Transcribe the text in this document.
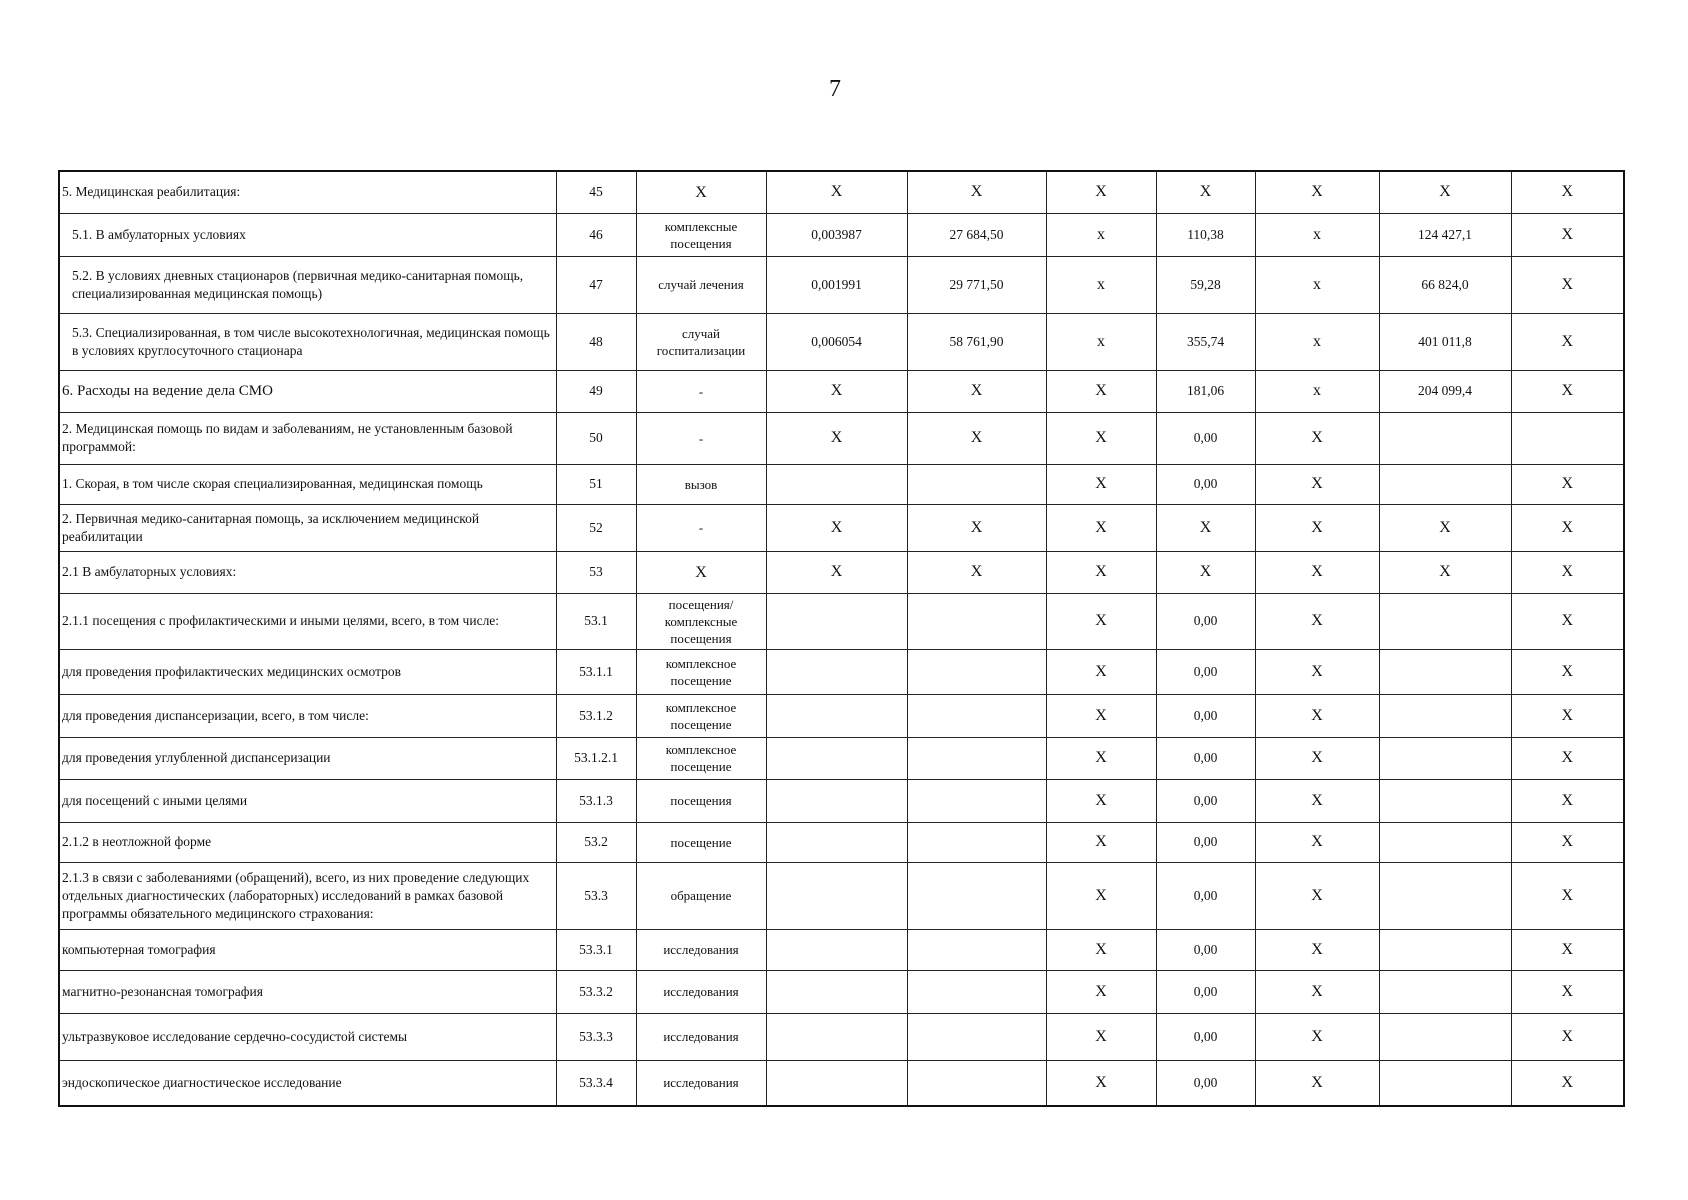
7
5. Медицинская реабилитация:	45	X	X	X	X	X	X	X	X
5.1. В амбулаторных условиях	46	комплексные посещения	0,003987	27 684,50	x	110,38	x	124 427,1	X
5.2. В условиях дневных стационаров (первичная медико-санитарная помощь, специализированная медицинская помощь)	47	случай лечения	0,001991	29 771,50	x	59,28	x	66 824,0	X
5.3. Специализированная, в том числе высокотехнологичная, медицинская помощь в условиях круглосуточного стационара	48	случай госпитализации	0,006054	58 761,90	x	355,74	x	401 011,8	X
6. Расходы на ведение дела СМО	49	-	X	X	X	181,06	x	204 099,4	X
2. Медицинская помощь по видам и заболеваниям, не установленным базовой программой:	50	-	X	X	X	0,00	X		
1. Скорая, в том числе скорая специализированная, медицинская помощь	51	вызов			X	0,00	X		X
2. Первичная медико-санитарная помощь, за исключением медицинской реабилитации	52	-	X	X	X	X	X	X	X
2.1 В амбулаторных условиях:	53	X	X	X	X	X	X	X	X
2.1.1 посещения с профилактическими и иными целями, всего, в том числе:	53.1	посещения/комплексные посещения			X	0,00	X		X
для проведения профилактических медицинских осмотров	53.1.1	комплексное посещение			X	0,00	X		X
для проведения диспансеризации, всего, в том числе:	53.1.2	комплексное посещение			X	0,00	X		X
для проведения углубленной диспансеризации	53.1.2.1	комплексное посещение			X	0,00	X		X
для посещений с иными целями	53.1.3	посещения			X	0,00	X		X
2.1.2 в неотложной форме	53.2	посещение			X	0,00	X		X
2.1.3 в связи с заболеваниями (обращений), всего, из них проведение следующих отдельных диагностических (лабораторных) исследований в рамках базовой программы обязательного медицинского страхования:	53.3	обращение			X	0,00	X		X
компьютерная томография	53.3.1	исследования			X	0,00	X		X
магнитно-резонансная томография	53.3.2	исследования			X	0,00	X		X
ультразвуковое исследование сердечно-сосудистой системы	53.3.3	исследования			X	0,00	X		X
эндоскопическое диагностическое исследование	53.3.4	исследования			X	0,00	X		X
